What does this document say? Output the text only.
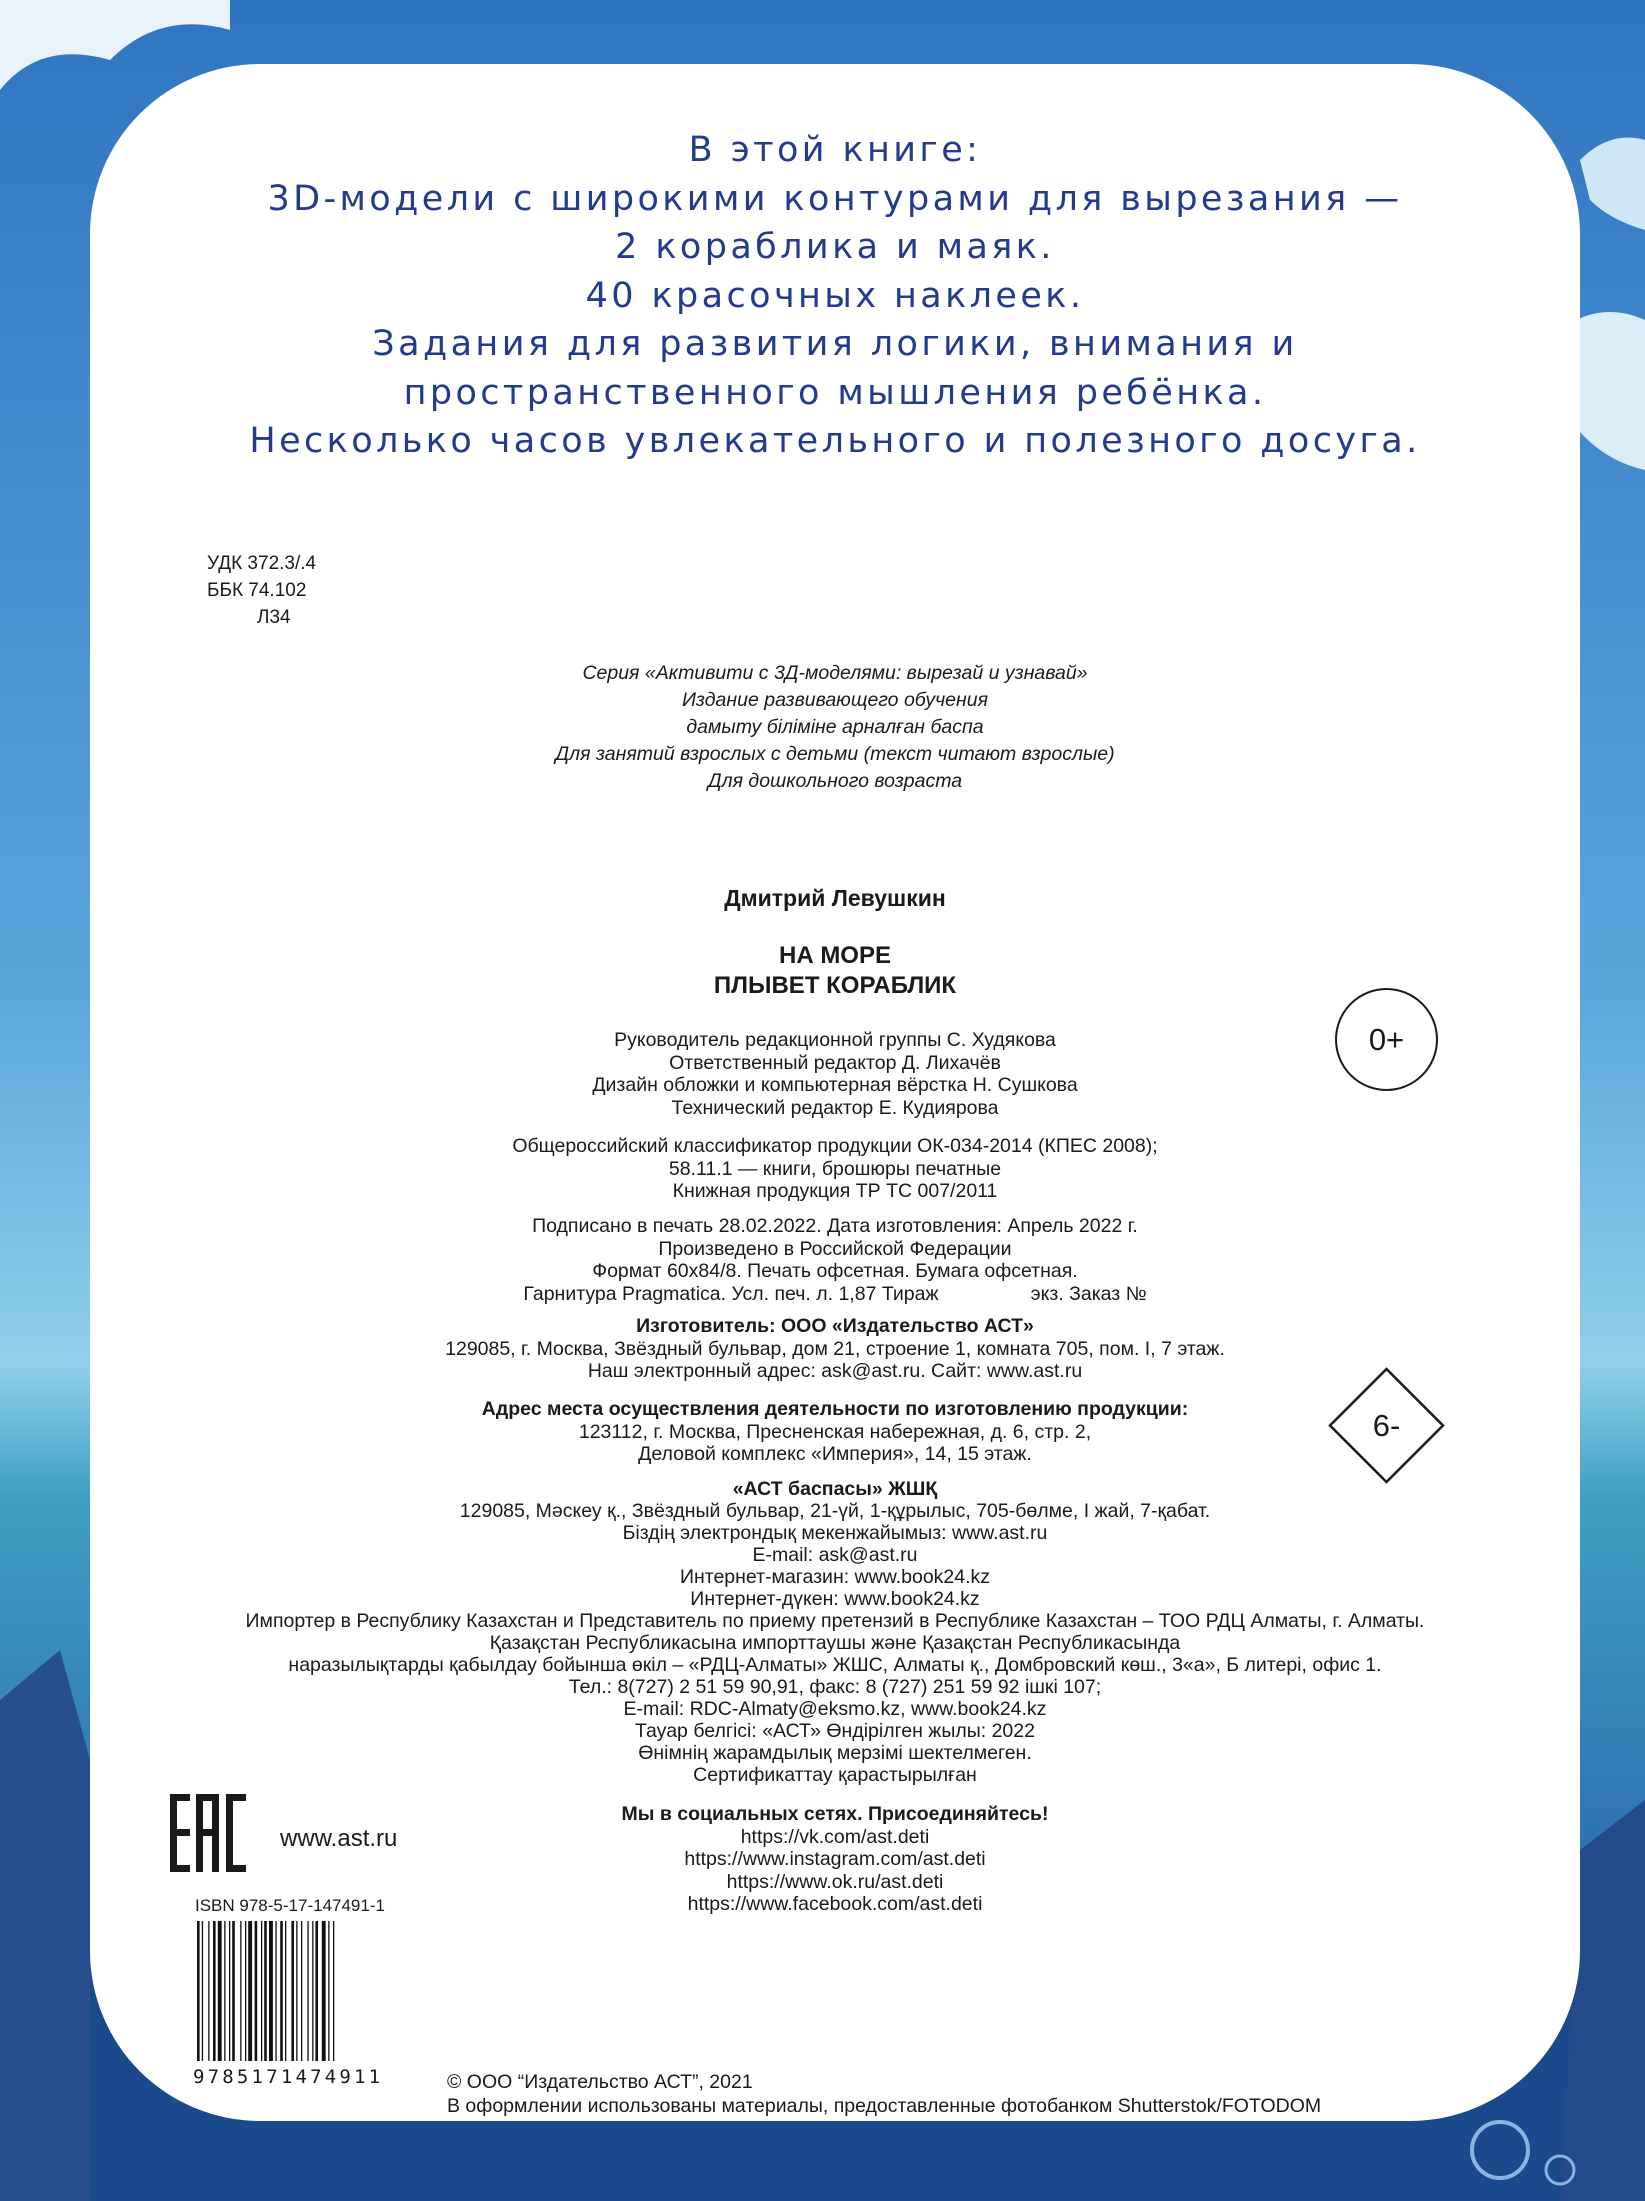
В этой книге:
3D-модели с широкими контурами для вырезания —
2 кораблика и маяк.
40 красочных наклеек.
Задания для развития логики, внимания и
пространственного мышления ребёнка.
Несколько часов увлекательного и полезного досуга.
УДК 372.3/.4
ББК 74.102
Л34
Серия «Активити с 3Д-моделями: вырезай и узнавай»
Издание развивающего обучения
дамыту біліміне арналған баспа
Для занятий взрослых с детьми (текст читают взрослые)
Для дошкольного возраста
Дмитрий Левушкин
НА МОРЕ
ПЛЫВЕТ КОРАБЛИК
Руководитель редакционной группы С. Худякова
Ответственный редактор Д. Лихачёв
Дизайн обложки и компьютерная вёрстка Н. Сушкова
Технический редактор Е. Кудиярова
Общероссийский классификатор продукции ОК-034-2014 (КПЕС 2008);
58.11.1 — книги, брошюры печатные
Книжная продукция ТР ТС 007/2011
Подписано в печать 28.02.2022. Дата изготовления: Апрель 2022 г.
Произведено в Российской Федерации
Формат 60х84/8. Печать офсетная. Бумага офсетная.
Гарнитура Pragmatica. Усл. печ. л. 1,87 Тираж                 экз. Заказ №
Изготовитель: ООО «Издательство АСТ»
129085, г. Москва, Звёздный бульвар, дом 21, строение 1, комната 705, пом. I, 7 этаж.
Наш электронный адрес: ask@ast.ru. Сайт: www.ast.ru
Адрес места осуществления деятельности по изготовлению продукции:
123112, г. Москва, Пресненская набережная, д. 6, стр. 2,
Деловой комплекс «Империя», 14, 15 этаж.
«АСТ баспасы» ЖШҚ
129085, Мәскеу қ., Звёздный бульвар, 21-үй, 1-құрылыс, 705-бөлме, I жай, 7-қабат.
Біздің электрондық мекенжайымыз: www.ast.ru
E-mail: ask@ast.ru
Интернет-магазин: www.book24.kz
Интернет-дүкен: www.book24.kz
Импортер в Республику Казахстан и Представитель по приему претензий в Республике Казахстан – ТОО РДЦ Алматы, г. Алматы.
Қазақстан Республикасына импорттаушы және Қазақстан Республикасында
наразылықтарды қабылдау бойынша өкіл – «РДЦ-Алматы» ЖШС, Алматы қ., Домбровский көш., 3«а», Б литері, офис 1.
Тел.: 8(727) 2 51 59 90,91, факс: 8 (727) 251 59 92 ішкі 107;
E-mail: RDC-Almaty@eksmo.kz, www.book24.kz
Тауар белгісі: «АСТ» Өндірілген жылы: 2022
Өнімнің жарамдылық мерзімі шектелмеген.
Сертификаттау қарастырылған
Мы в социальных сетях. Присоединяйтесь!
https://vk.com/ast.deti
https://www.instagram.com/ast.deti
https://www.ok.ru/ast.deti
https://www.facebook.com/ast.deti
0+
6-
www.ast.ru
ISBN 978-5-17-147491-1
9785171474911	© ООО “Издательство АСТ”, 2021
В оформлении использованы материалы, предоставленные фотобанком Shutterstok/FOTODOM
